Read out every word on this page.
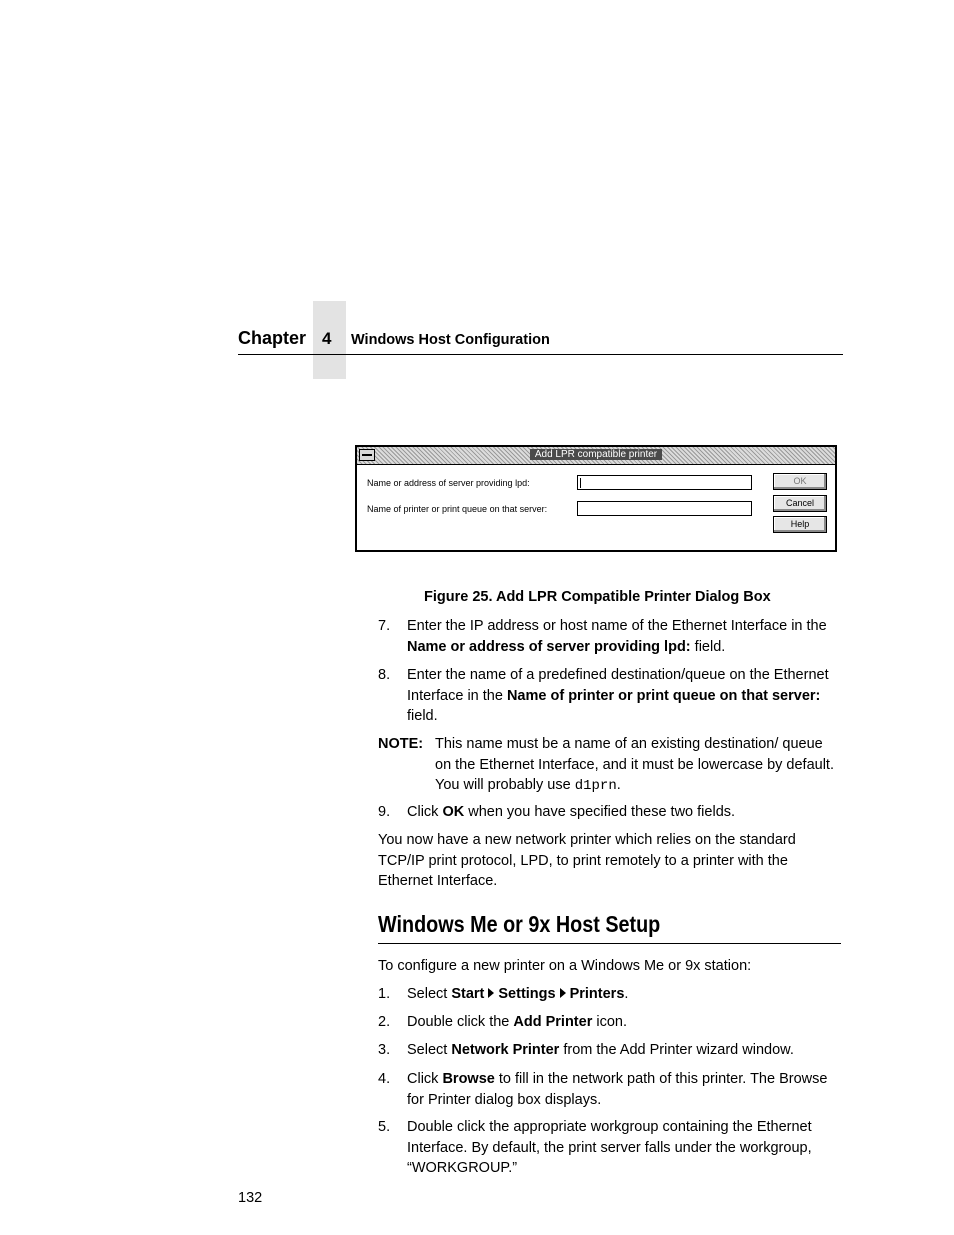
Chapter 4 Windows Host Configuration
Add LPR compatible printer
Name or address of server providing lpd:
Name of printer or print queue on that server:
OK
Cancel
Help
Figure 25. Add LPR Compatible Printer Dialog Box
7. Enter the IP address or host name of the Ethernet Interface in the Name or address of server providing lpd: field.
8. Enter the name of a predefined destination/queue on the Ethernet Interface in the Name of printer or print queue on that server: field.
NOTE: This name must be a name of an existing destination/ queue on the Ethernet Interface, and it must be lowercase by default. You will probably use d1prn.
9. Click OK when you have specified these two fields.
You now have a new network printer which relies on the standard TCP/IP print protocol, LPD, to print remotely to a printer with the Ethernet Interface.
Windows Me or 9x Host Setup
To configure a new printer on a Windows Me or 9x station:
1. Select Start Settings Printers.
2. Double click the Add Printer icon.
3. Select Network Printer from the Add Printer wizard window.
4. Click Browse to fill in the network path of this printer. The Browse for Printer dialog box displays.
5. Double click the appropriate workgroup containing the Ethernet Interface. By default, the print server falls under the workgroup, “WORKGROUP.”
132
